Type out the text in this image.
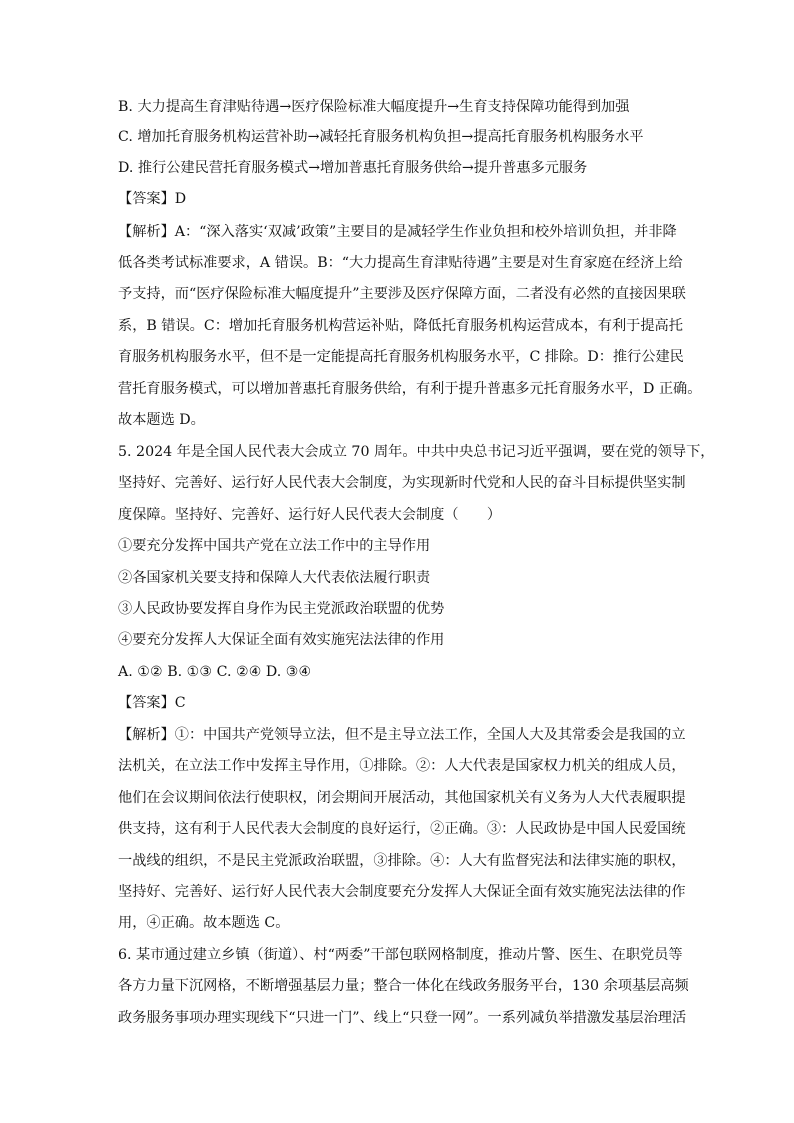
B. 大力提高生育津贴待遇→医疗保险标准大幅度提升→生育支持保障功能得到加强
C. 增加托育服务机构运营补助→减轻托育服务机构负担→提高托育服务机构服务水平
D. 推行公建民营托育服务模式→增加普惠托育服务供给→提升普惠多元服务
【答案】D
【解析】A：“深入落实‘双减’政策”主要目的是减轻学生作业负担和校外培训负担，并非降
低各类考试标准要求，A 错误。B：“大力提高生育津贴待遇”主要是对生育家庭在经济上给
予支持，而“医疗保险标准大幅度提升”主要涉及医疗保障方面，二者没有必然的直接因果联
系，B 错误。C：增加托育服务机构营运补贴，降低托育服务机构运营成本，有利于提高托
育服务机构服务水平，但不是一定能提高托育服务机构服务水平，C 排除。D：推行公建民
营托育服务模式，可以增加普惠托育服务供给，有利于提升普惠多元托育服务水平，D 正确。
故本题选 D。
5. 2024 年是全国人民代表大会成立 70 周年。中共中央总书记习近平强调，要在党的领导下，
坚持好、完善好、运行好人民代表大会制度，为实现新时代党和人民的奋斗目标提供坚实制
度保障。坚持好、完善好、运行好人民代表大会制度（　　）
①要充分发挥中国共产党在立法工作中的主导作用
②各国家机关要支持和保障人大代表依法履行职责
③人民政协要发挥自身作为民主党派政治联盟的优势
④要充分发挥人大保证全面有效实施宪法法律的作用
A. ①② B. ①③ C. ②④ D. ③④
【答案】C
【解析】①：中国共产党领导立法，但不是主导立法工作，全国人大及其常委会是我国的立
法机关，在立法工作中发挥主导作用，①排除。②：人大代表是国家权力机关的组成人员，
他们在会议期间依法行使职权，闭会期间开展活动，其他国家机关有义务为人大代表履职提
供支持，这有利于人民代表大会制度的良好运行，②正确。③：人民政协是中国人民爱国统
一战线的组织，不是民主党派政治联盟，③排除。④：人大有监督宪法和法律实施的职权，
坚持好、完善好、运行好人民代表大会制度要充分发挥人大保证全面有效实施宪法法律的作
用，④正确。故本题选 C。
6. 某市通过建立乡镇（街道）、村“两委”干部包联网格制度，推动片警、医生、在职党员等
各方力量下沉网格，不断增强基层力量；整合一体化在线政务服务平台，130 余项基层高频
政务服务事项办理实现线下“只进一门”、线上“只登一网”。一系列减负举措激发基层治理活
